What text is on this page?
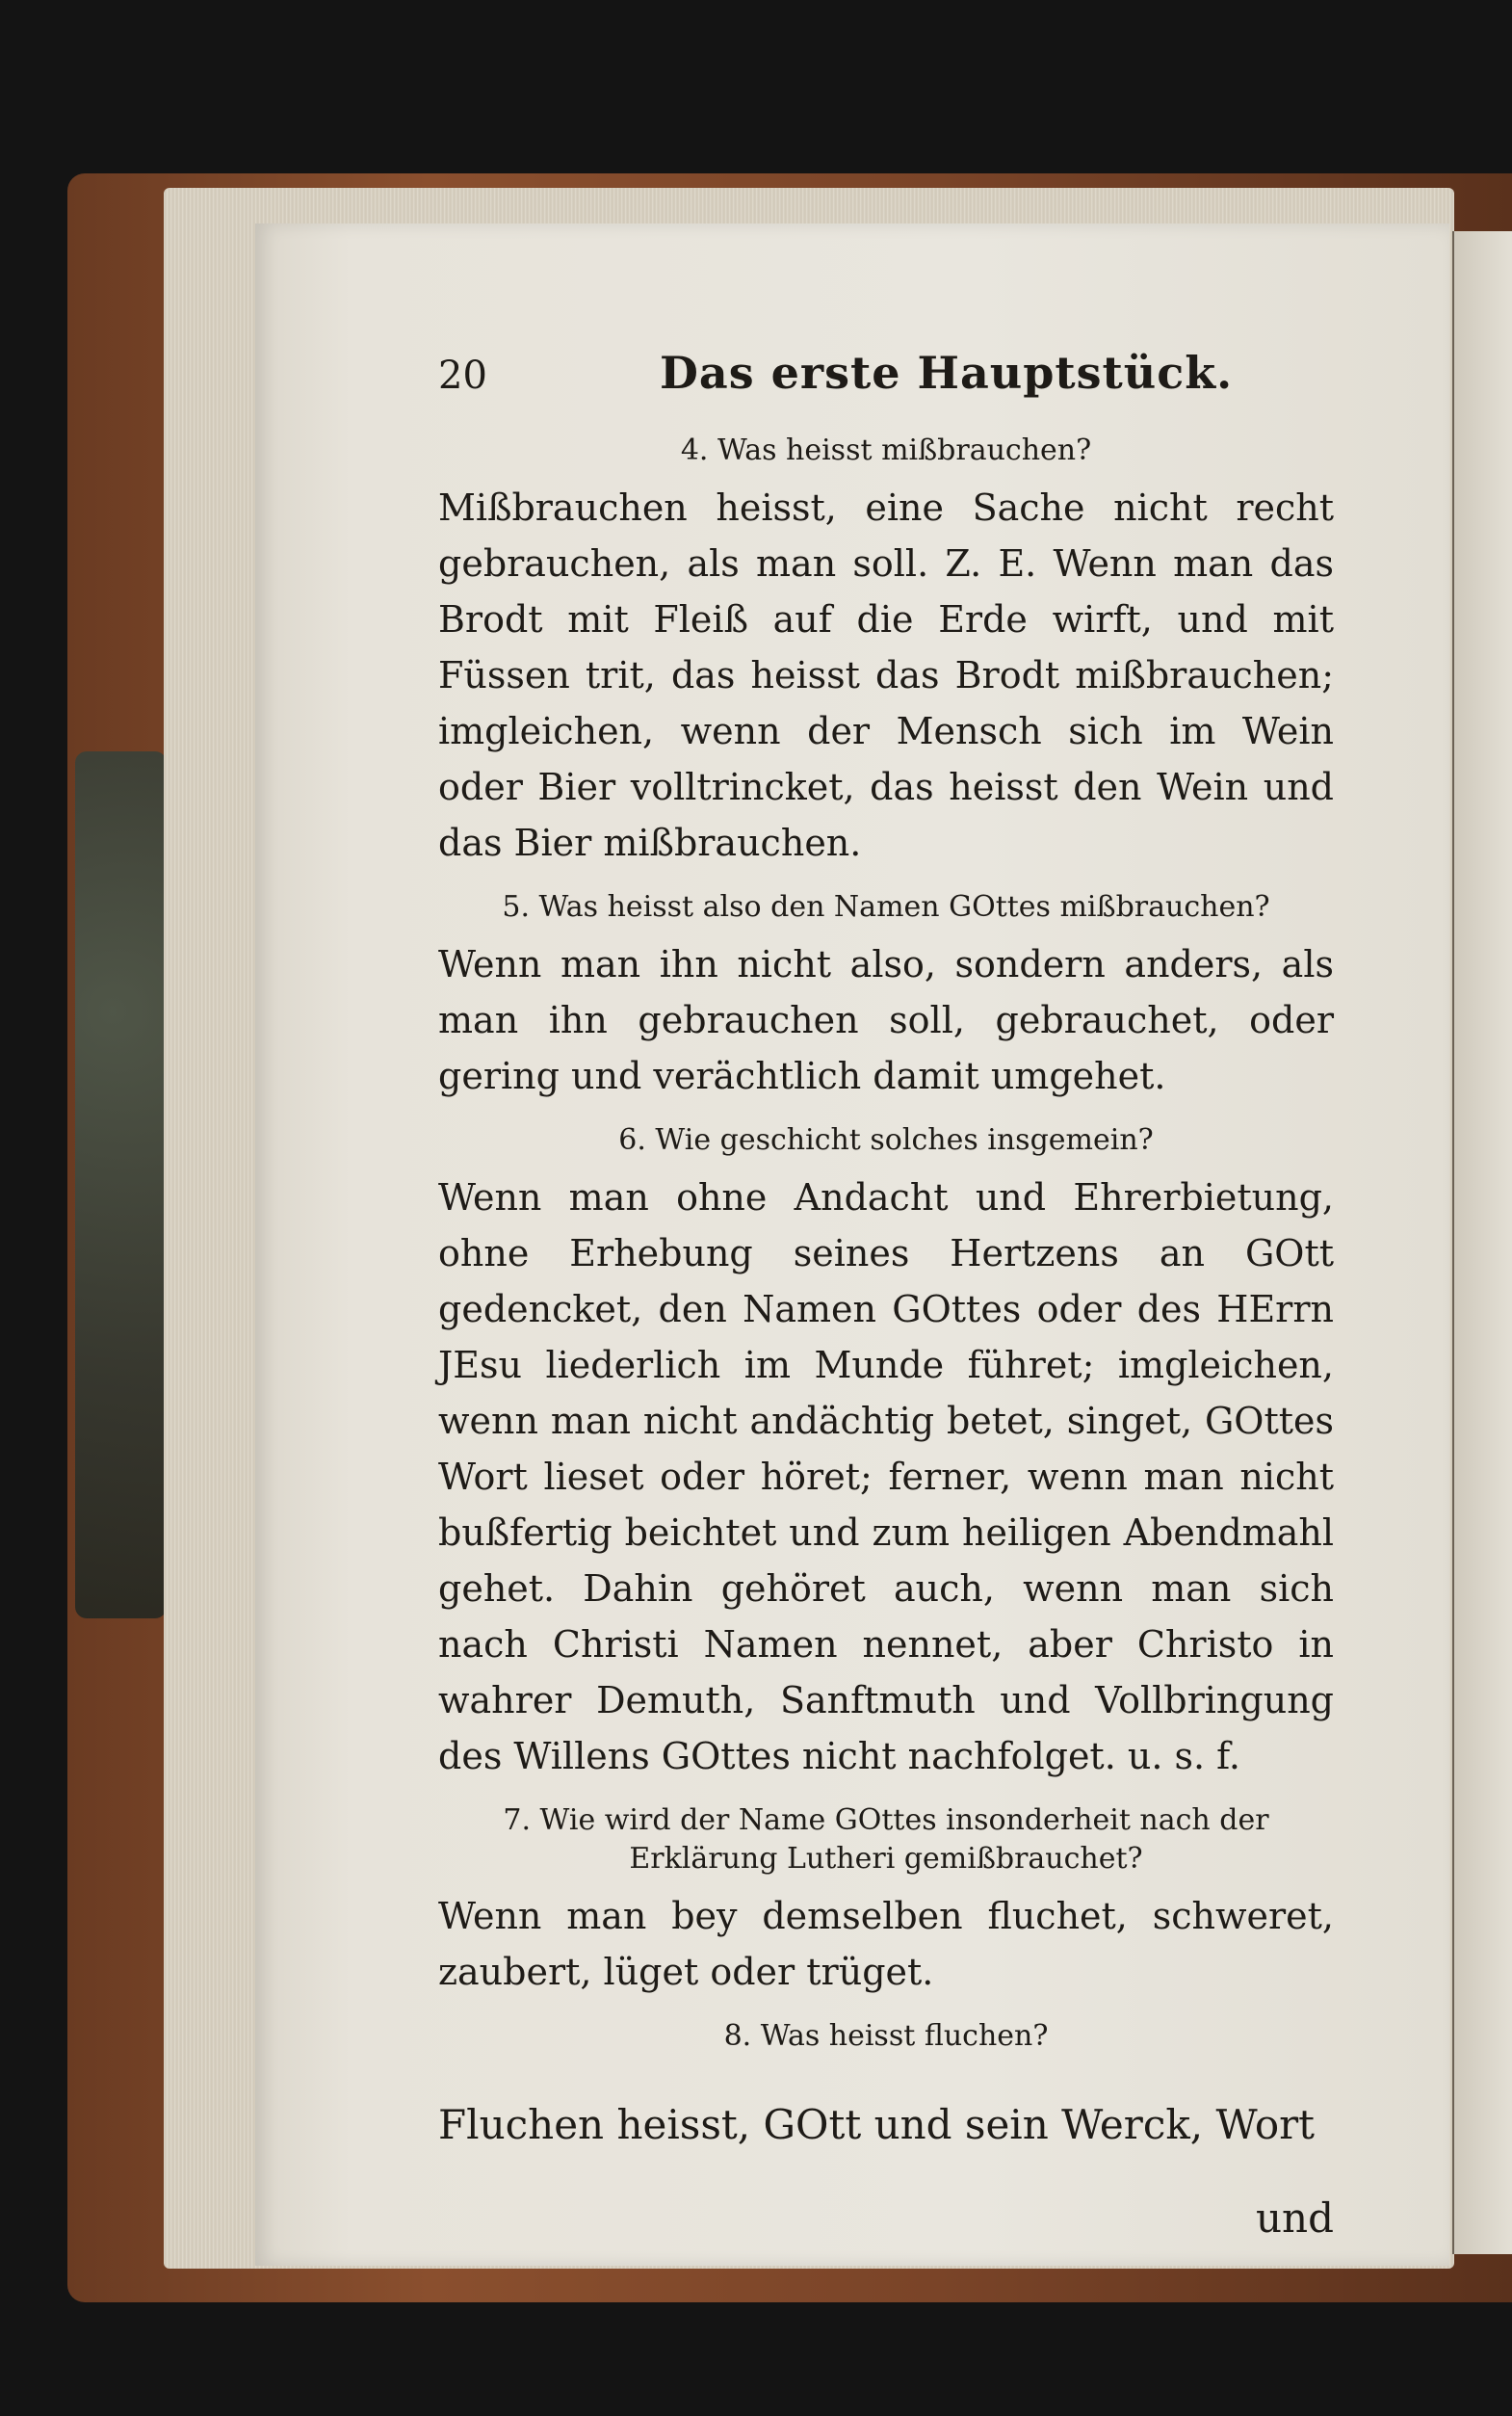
20	Das erste Hauptstück.
4. Was heisst mißbrauchen?

Mißbrauchen heisst, eine Sache nicht recht gebrauchen, als man soll. Z. E. Wenn man das Brodt mit Fleiß auf die Erde wirft, und mit Füssen trit, das heisst das Brodt mißbrauchen; imgleichen, wenn der Mensch sich im Wein oder Bier volltrincket, das heisst den Wein und das Bier mißbrauchen.

5. Was heisst also den Namen GOttes mißbrauchen?

Wenn man ihn nicht also, sondern anders, als man ihn gebrauchen soll, gebrauchet, oder gering und verächtlich damit umgehet.

6. Wie geschicht solches insgemein?

Wenn man ohne Andacht und Ehrerbietung, ohne Erhebung seines Hertzens an GOtt gedencket, den Namen GOttes oder des HErrn JEsu liederlich im Munde führet; imgleichen, wenn man nicht andächtig betet, singet, GOttes Wort lieset oder höret; ferner, wenn man nicht bußfertig beichtet und zum heiligen Abendmahl gehet. Dahin gehöret auch, wenn man sich nach Christi Namen nennet, aber Christo in wahrer Demuth, Sanftmuth und Vollbringung des Willens GOttes nicht nachfolget. u. s. f.

7. Wie wird der Name GOttes insonderheit nach der Erklärung Lutheri gemißbrauchet?

Wenn man bey demselben fluchet, schweret, zaubert, lüget oder trüget.

8. Was heisst fluchen?

Fluchen heisst, GOtt und sein Werck, Wort

und
